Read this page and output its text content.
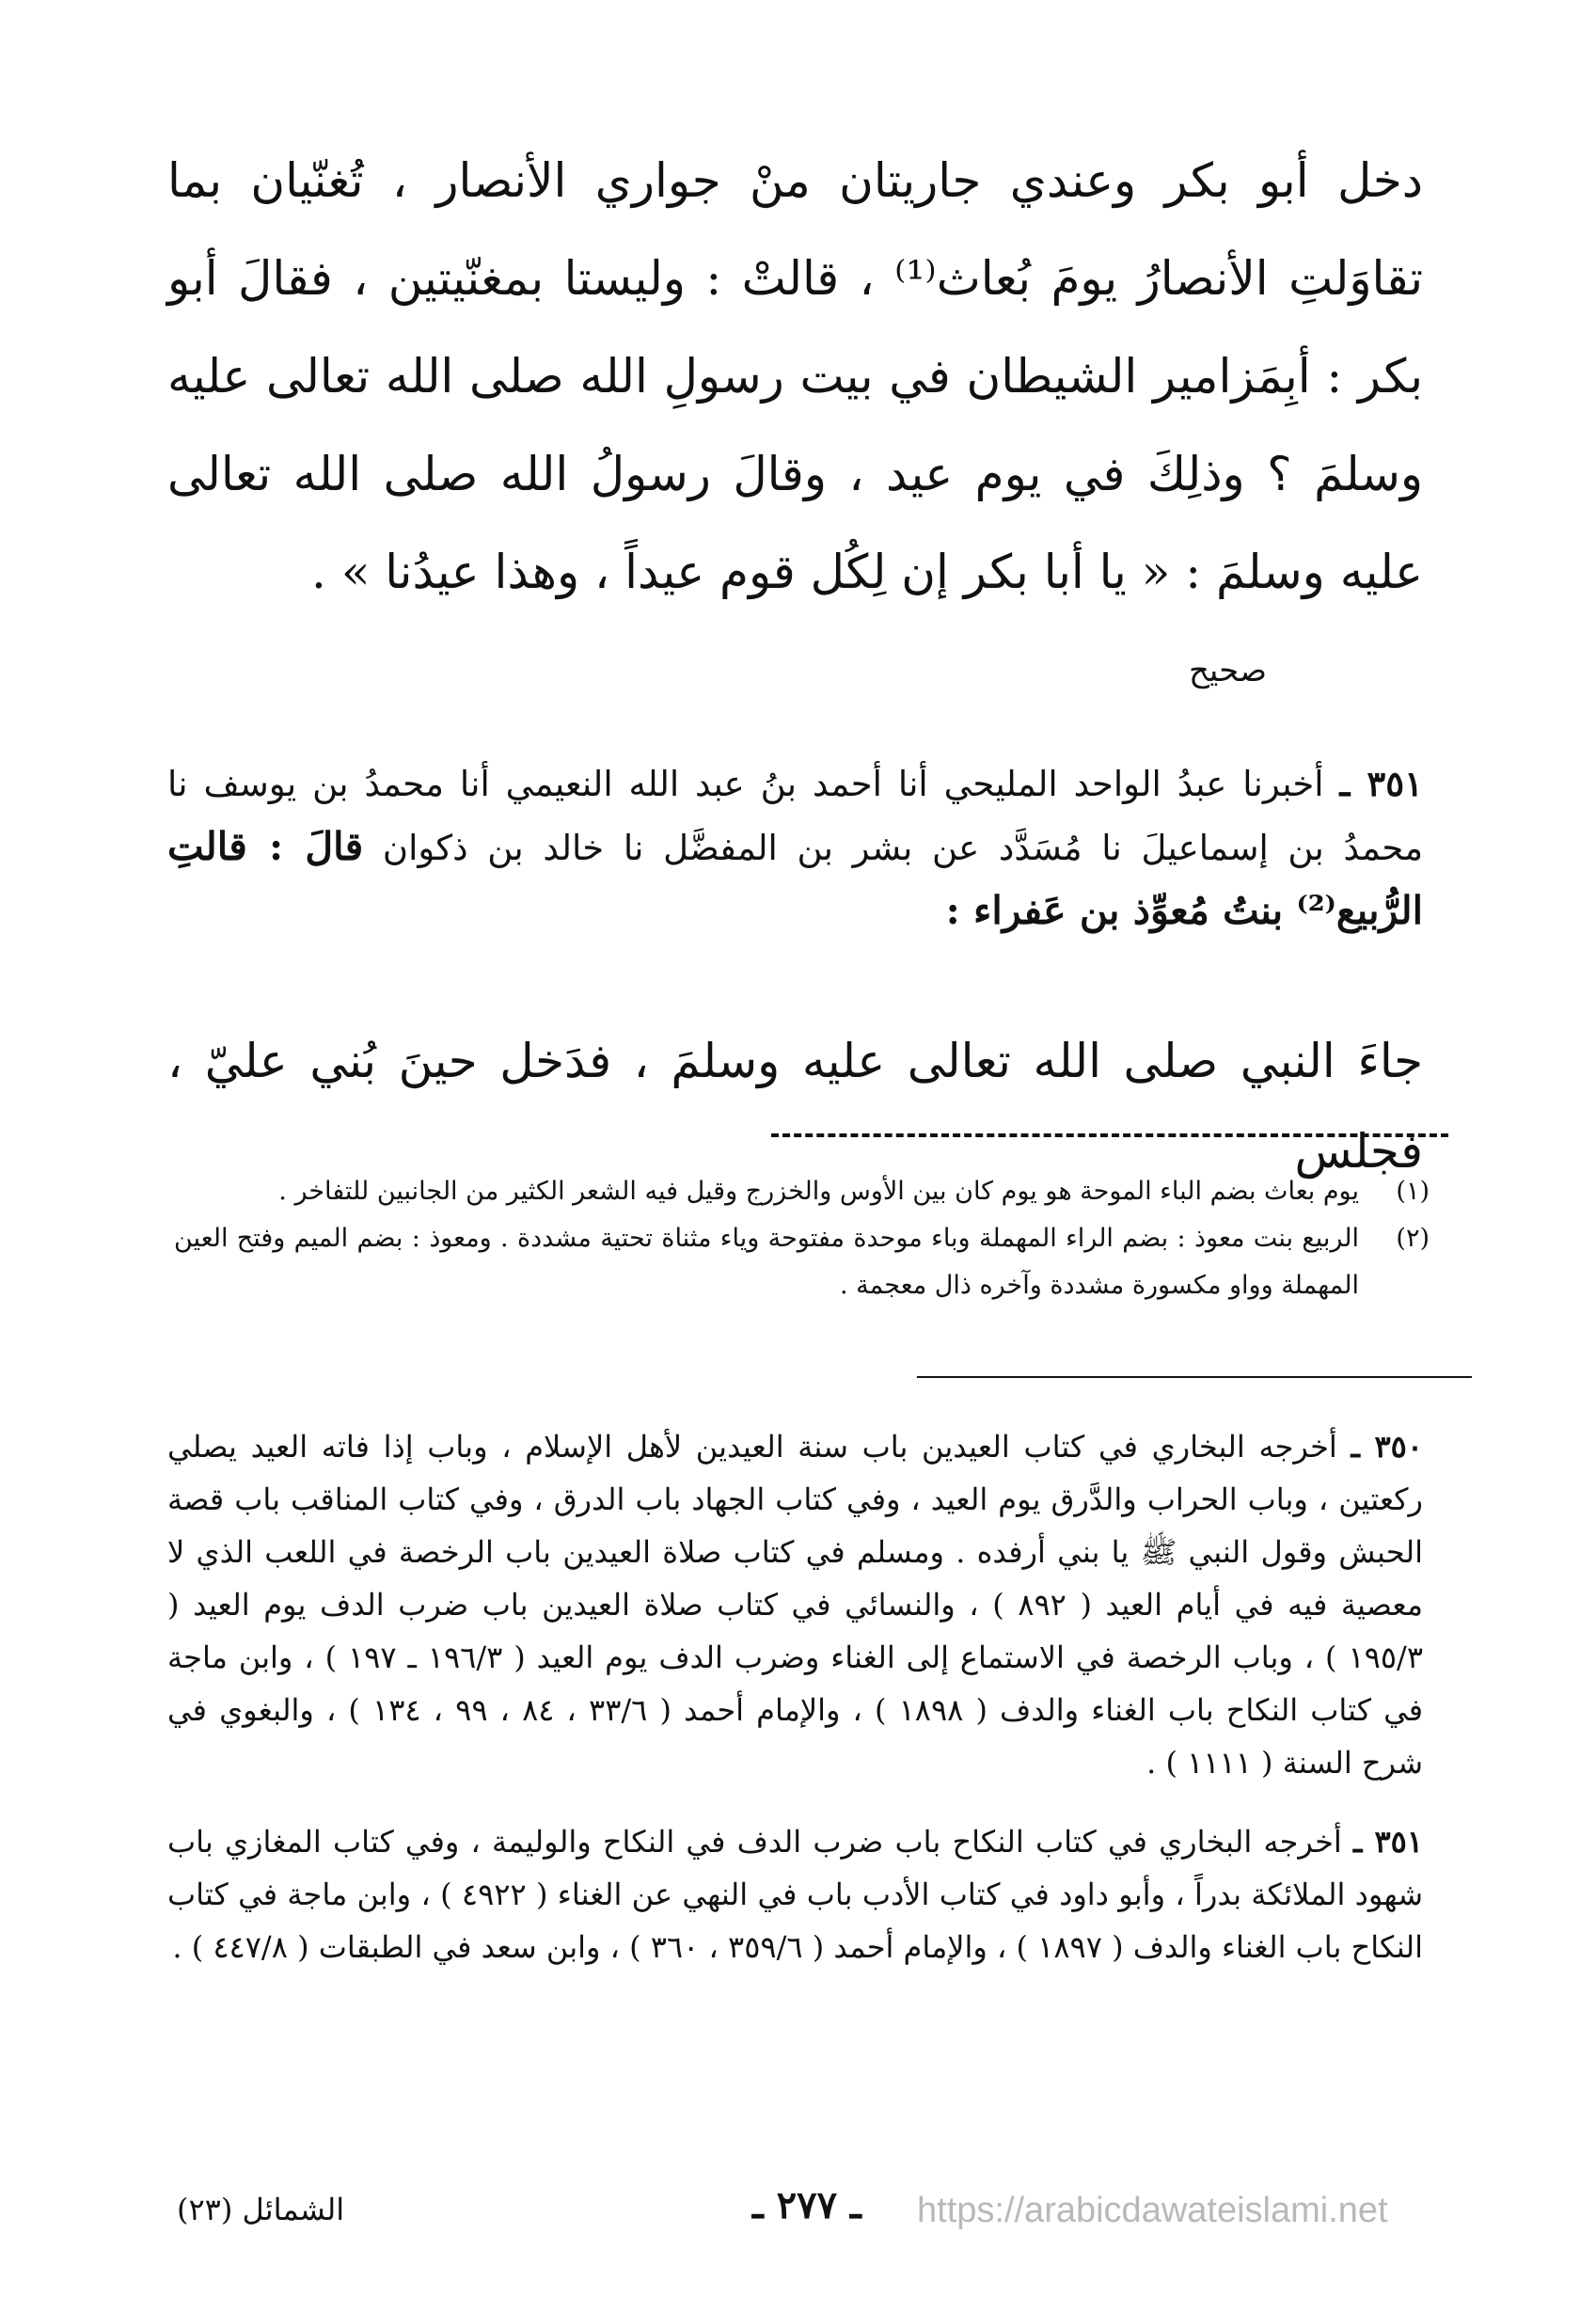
دخل أبو بكر وعندي جاريتان منْ جواري الأنصار ، تُغنّيان بما تقاوَلتِ الأنصارُ يومَ بُعاث⁽¹⁾ ، قالتْ : وليستا بمغنّيتين ، فقالَ أبو بكر : أبِمَزامير الشيطان في بيت رسولِ الله صلى الله تعالى عليه وسلمَ ؟ وذلِكَ في يوم عيد ، وقالَ رسولُ الله صلى الله تعالى عليه وسلمَ : « يا أبا بكر إن لِكُل قوم عيداً ، وهذا عيدُنا » .
صحيح
٣٥١ ـ أخبرنا عبدُ الواحد المليحي أنا أحمد بنُ عبد الله النعيمي أنا محمدُ بن يوسف نا محمدُ بن إسماعيلَ نا مُسَدَّد عن بشر بن المفضَّل نا خالد بن ذكوان قالَ : قالتِ الرُّبيع⁽²⁾ بنتُ مُعوِّذ بن عَفراء :
جاءَ النبي صلى الله تعالى عليه وسلمَ ، فدَخل حينَ بُني عليّ ، فجلس
(١)
يوم بعاث بضم الباء الموحة هو يوم كان بين الأوس والخزرج وقيل فيه الشعر الكثير من الجانبين للتفاخر .
(٢)
الربيع بنت معوذ : بضم الراء المهملة وباء موحدة مفتوحة وياء مثناة تحتية مشددة . ومعوذ : بضم الميم وفتح العين المهملة وواو مكسورة مشددة وآخره ذال معجمة .

٣٥٠ ـ أخرجه البخاري في كتاب العيدين باب سنة العيدين لأهل الإسلام ، وباب إذا فاته العيد يصلي ركعتين ، وباب الحراب والدَّرق يوم العيد ، وفي كتاب الجهاد باب الدرق ، وفي كتاب المناقب باب قصة الحبش وقول النبي ﷺ يا بني أرفده . ومسلم في كتاب صلاة العيدين باب الرخصة في اللعب الذي لا معصية فيه في أيام العيد ( ٨٩٢ ) ، والنسائي في كتاب صلاة العيدين باب ضرب الدف يوم العيد ( ١٩٥/٣ ) ، وباب الرخصة في الاستماع إلى الغناء وضرب الدف يوم العيد ( ١٩٦/٣ ـ ١٩٧ ) ، وابن ماجة في كتاب النكاح باب الغناء والدف ( ١٨٩٨ ) ، والإمام أحمد ( ٣٣/٦ ، ٨٤ ، ٩٩ ، ١٣٤ ) ، والبغوي في شرح السنة ( ١١١١ ) .

٣٥١ ـ أخرجه البخاري في كتاب النكاح باب ضرب الدف في النكاح والوليمة ، وفي كتاب المغازي باب شهود الملائكة بدراً ، وأبو داود في كتاب الأدب باب في النهي عن الغناء ( ٤٩٢٢ ) ، وابن ماجة في كتاب النكاح باب الغناء والدف ( ١٨٩٧ ) ، والإمام أحمد ( ٣٥٩/٦ ، ٣٦٠ ) ، وابن سعد في الطبقات ( ٤٤٧/٨ ) .

الشمائل (٢٣)	ـ ٢٧٧ ـ https://arabicdawateislami.net
